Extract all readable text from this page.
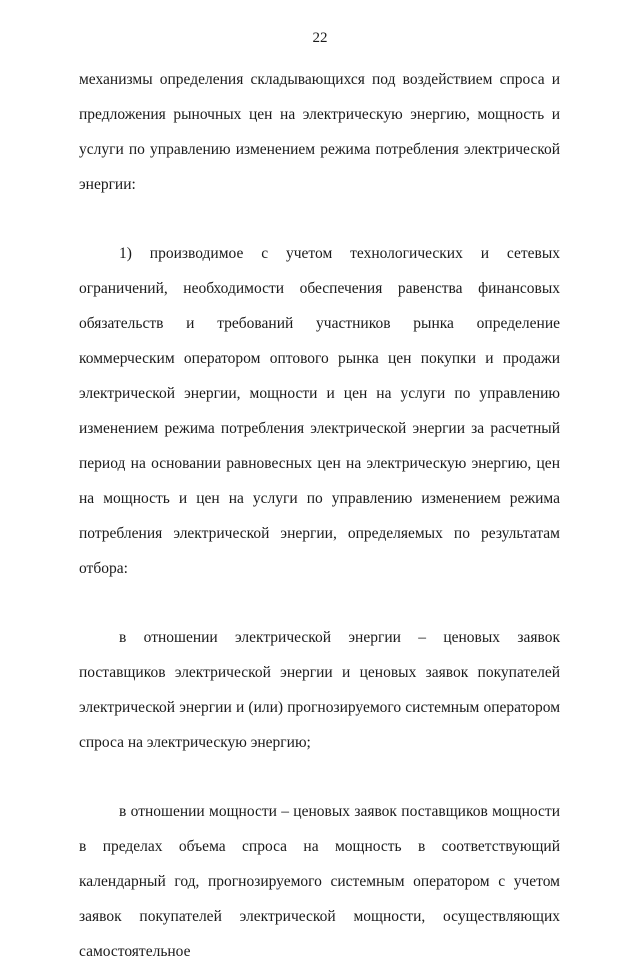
22

механизмы определения складывающихся под воздействием спроса и предложения рыночных цен на электрическую энергию, мощность и услуги по управлению изменением режима потребления электрической энергии:

1) производимое с учетом технологических и сетевых ограничений, необходимости обеспечения равенства финансовых обязательств и требований участников рынка определение коммерческим оператором оптового рынка цен покупки и продажи электрической энергии, мощности и цен на услуги по управлению изменением режима потребления электрической энергии за расчетный период на основании равновесных цен на электрическую энергию, цен на мощность и цен на услуги по управлению изменением режима потребления электрической энергии, определяемых по результатам отбора:

в отношении электрической энергии – ценовых заявок поставщиков электрической энергии и ценовых заявок покупателей электрической энергии и (или) прогнозируемого системным оператором спроса на электрическую энергию;

в отношении мощности – ценовых заявок поставщиков мощности в пределах объема спроса на мощность в соответствующий календарный год, прогнозируемого системным оператором с учетом заявок покупателей электрической мощности, осуществляющих самостоятельное
